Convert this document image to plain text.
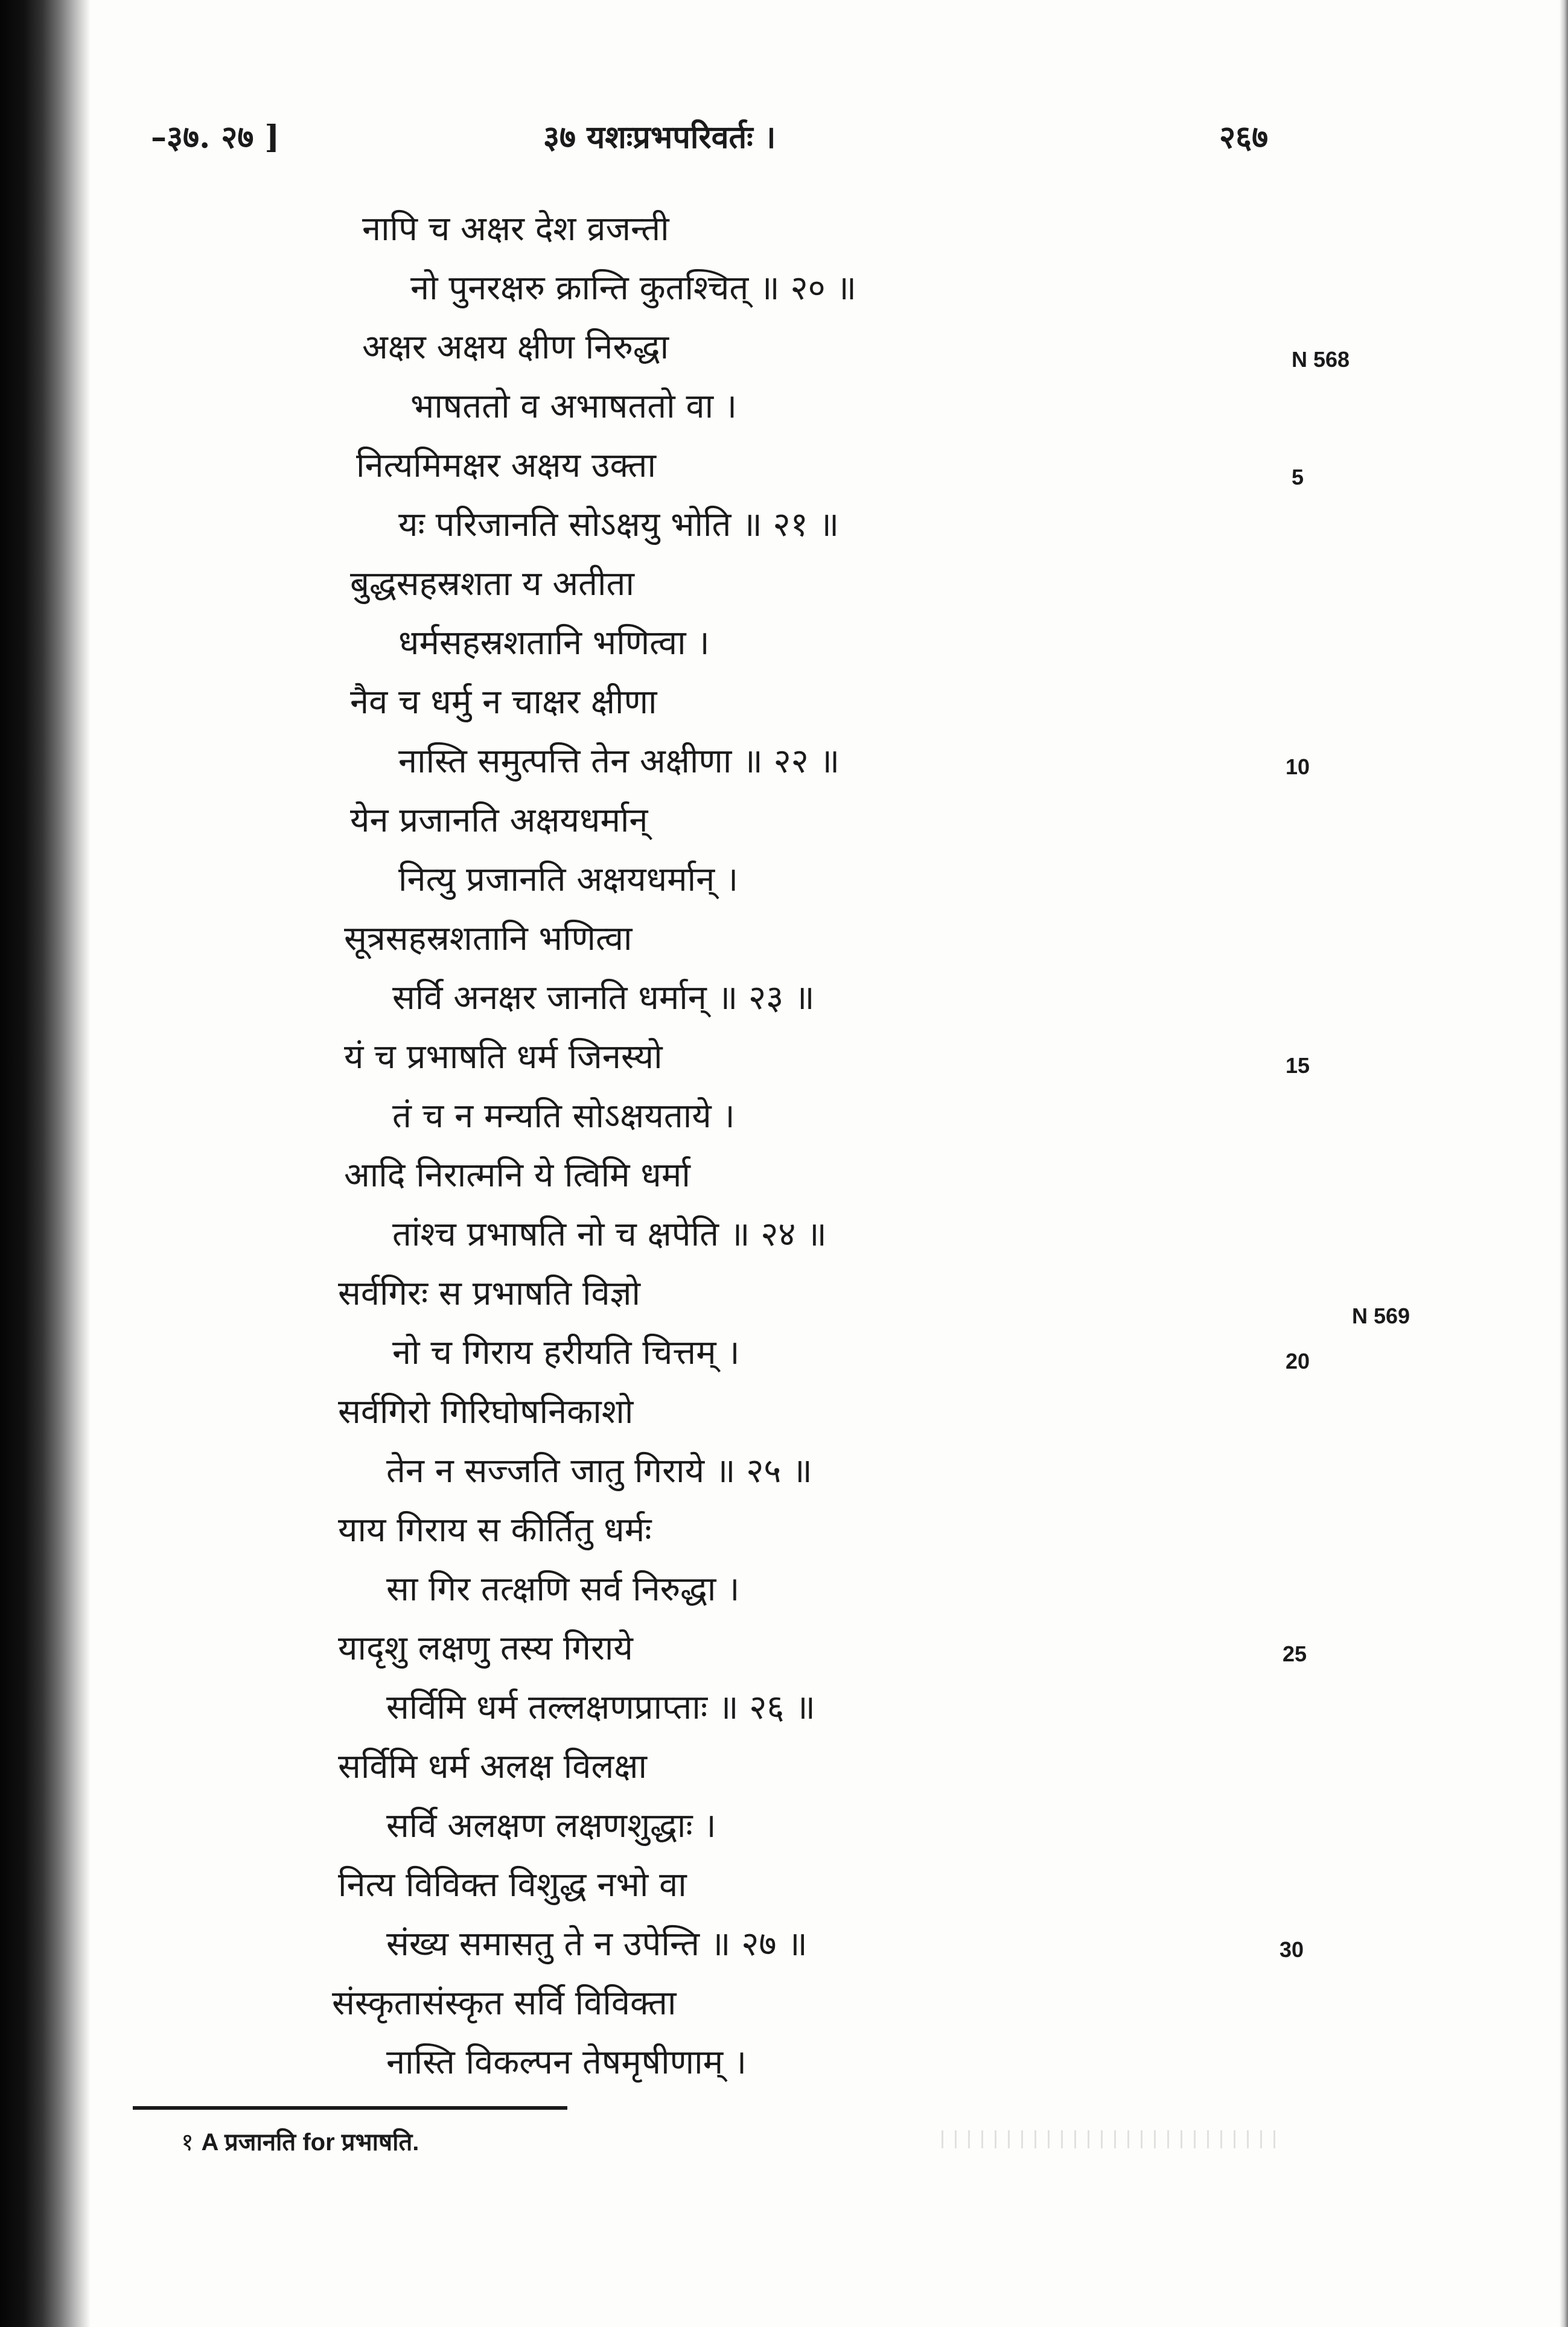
–३७. २७ ]	३७ यशःप्रभपरिवर्तः ।	२६७
नापि च अक्षर देश व्रजन्ती
नो पुनरक्षरु क्रान्ति कुतश्चित् ॥ २० ॥
अक्षर अक्षय क्षीण निरुद्धा
भाषततो व अभाषततो वा ।
नित्यमिमक्षर अक्षय उक्ता
यः परिजानति सोऽक्षयु भोति ॥ २१ ॥
बुद्धसहस्रशता य अतीता
धर्मसहस्रशतानि भणित्वा ।
नैव च धर्मु न चाक्षर क्षीणा
नास्ति समुत्पत्ति तेन अक्षीणा ॥ २२ ॥
येन प्रजानति अक्षयधर्मान्
नित्यु प्रजानति अक्षयधर्मान् ।
सूत्रसहस्रशतानि भणित्वा
सर्वि अनक्षर जानति धर्मान् ॥ २३ ॥
यं च प्रभाषति धर्म जिनस्यो
तं च न मन्यति सोऽक्षयताये ।
आदि निरात्मनि ये त्विमि धर्मा
तांश्च प्रभाषति नो च क्षपेति ॥ २४ ॥
सर्वगिरः स प्रभाषति विज्ञो
नो च गिराय हरीयति चित्तम् ।
सर्वगिरो गिरिघोषनिकाशो
तेन न सज्जति जातु गिराये ॥ २५ ॥
याय गिराय स कीर्तितु धर्मः
सा गिर तत्क्षणि सर्व निरुद्धा ।
यादृशु लक्षणु तस्य गिराये
सर्विमि धर्म तल्लक्षणप्राप्ताः ॥ २६ ॥
सर्विमि धर्म अलक्ष विलक्षा
सर्वि अलक्षण लक्षणशुद्धाः ।
नित्य विविक्त विशुद्ध नभो वा
संख्य समासतु ते न उपेन्ति ॥ २७ ॥
संस्कृतासंस्कृत सर्वि विविक्ता
नास्ति विकल्पन तेषमृषीणाम् ।
N 568
5
10
15
N 569
20
25
30
१ A प्रजानति for प्रभाषति.
